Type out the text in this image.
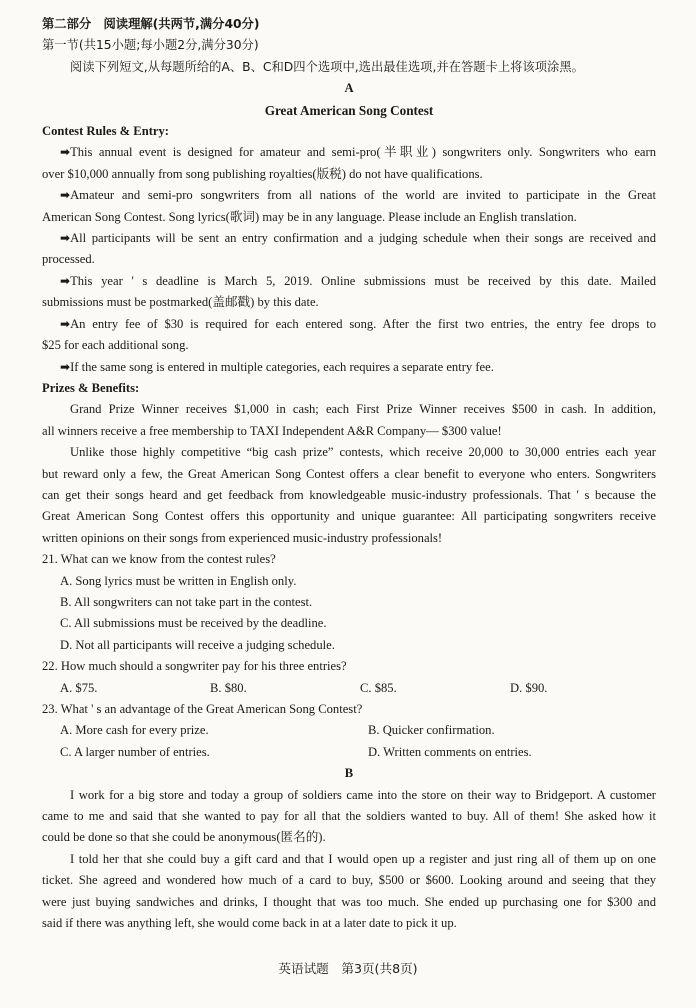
第二部分　阅读理解(共两节,满分40分)

第一节(共15小题;每小题2分,满分30分)

阅读下列短文,从每题所给的A、B、C和D四个选项中,选出最佳选项,并在答题卡上将该项涂黑。

A

Great American Song Contest

Contest Rules & Entry:

➡This annual event is designed for amateur and semi-pro(半职业) songwriters only. Songwriters who earn

over $10,000 annually from song publishing royalties(版税) do not have qualifications.

➡Amateur and semi-pro songwriters from all nations of the world are invited to participate in the Great

American Song Contest. Song lyrics(歌词) may be in any language. Please include an English translation.

➡All participants will be sent an entry confirmation and a judging schedule when their songs are received and

processed.

➡This year ' s deadline is March 5, 2019. Online submissions must be received by this date. Mailed

submissions must be postmarked(盖邮戳) by this date.

➡An entry fee of $30 is required for each entered song. After the first two entries, the entry fee drops to

$25 for each additional song.

➡If the same song is entered in multiple categories, each requires a separate entry fee.

Prizes & Benefits:

Grand Prize Winner receives $1,000 in cash; each First Prize Winner receives $500 in cash. In addition,

all winners receive a free membership to TAXI Independent A&R Company— $300 value!

Unlike those highly competitive “big cash prize” contests, which receive 20,000 to 30,000 entries each year

but reward only a few, the Great American Song Contest offers a clear benefit to everyone who enters. Songwriters

can get their songs heard and get feedback from knowledgeable music-industry professionals. That ' s because the

Great American Song Contest offers this opportunity and unique guarantee: All participating songwriters receive

written opinions on their songs from experienced music-industry professionals!

21. What can we know from the contest rules?

A. Song lyrics must be written in English only.

B. All songwriters can not take part in the contest.

C. All submissions must be received by the deadline.

D. Not all participants will receive a judging schedule.

22. How much should a songwriter pay for his three entries?

A. $75.	B. $80.	C. $85.	D. $90.

23. What ' s an advantage of the Great American Song Contest?

A. More cash for every prize.	B. Quicker confirmation.
C. A larger number of entries.	D. Written comments on entries.

B

I work for a big store and today a group of soldiers came into the store on their way to Bridgeport. A customer

came to me and said that she wanted to pay for all that the soldiers wanted to buy. All of them! She asked how it

could be done so that she could be anonymous(匿名的).

I told her that she could buy a gift card and that I would open up a register and just ring all of them up on one

ticket. She agreed and wondered how much of a card to buy, $500 or $600. Looking around and seeing that they

were just buying sandwiches and drinks, I thought that was too much. She ended up purchasing one for $300 and

said if there was anything left, she would come back in at a later date to pick it up.

英语试题　第3页(共8页)
